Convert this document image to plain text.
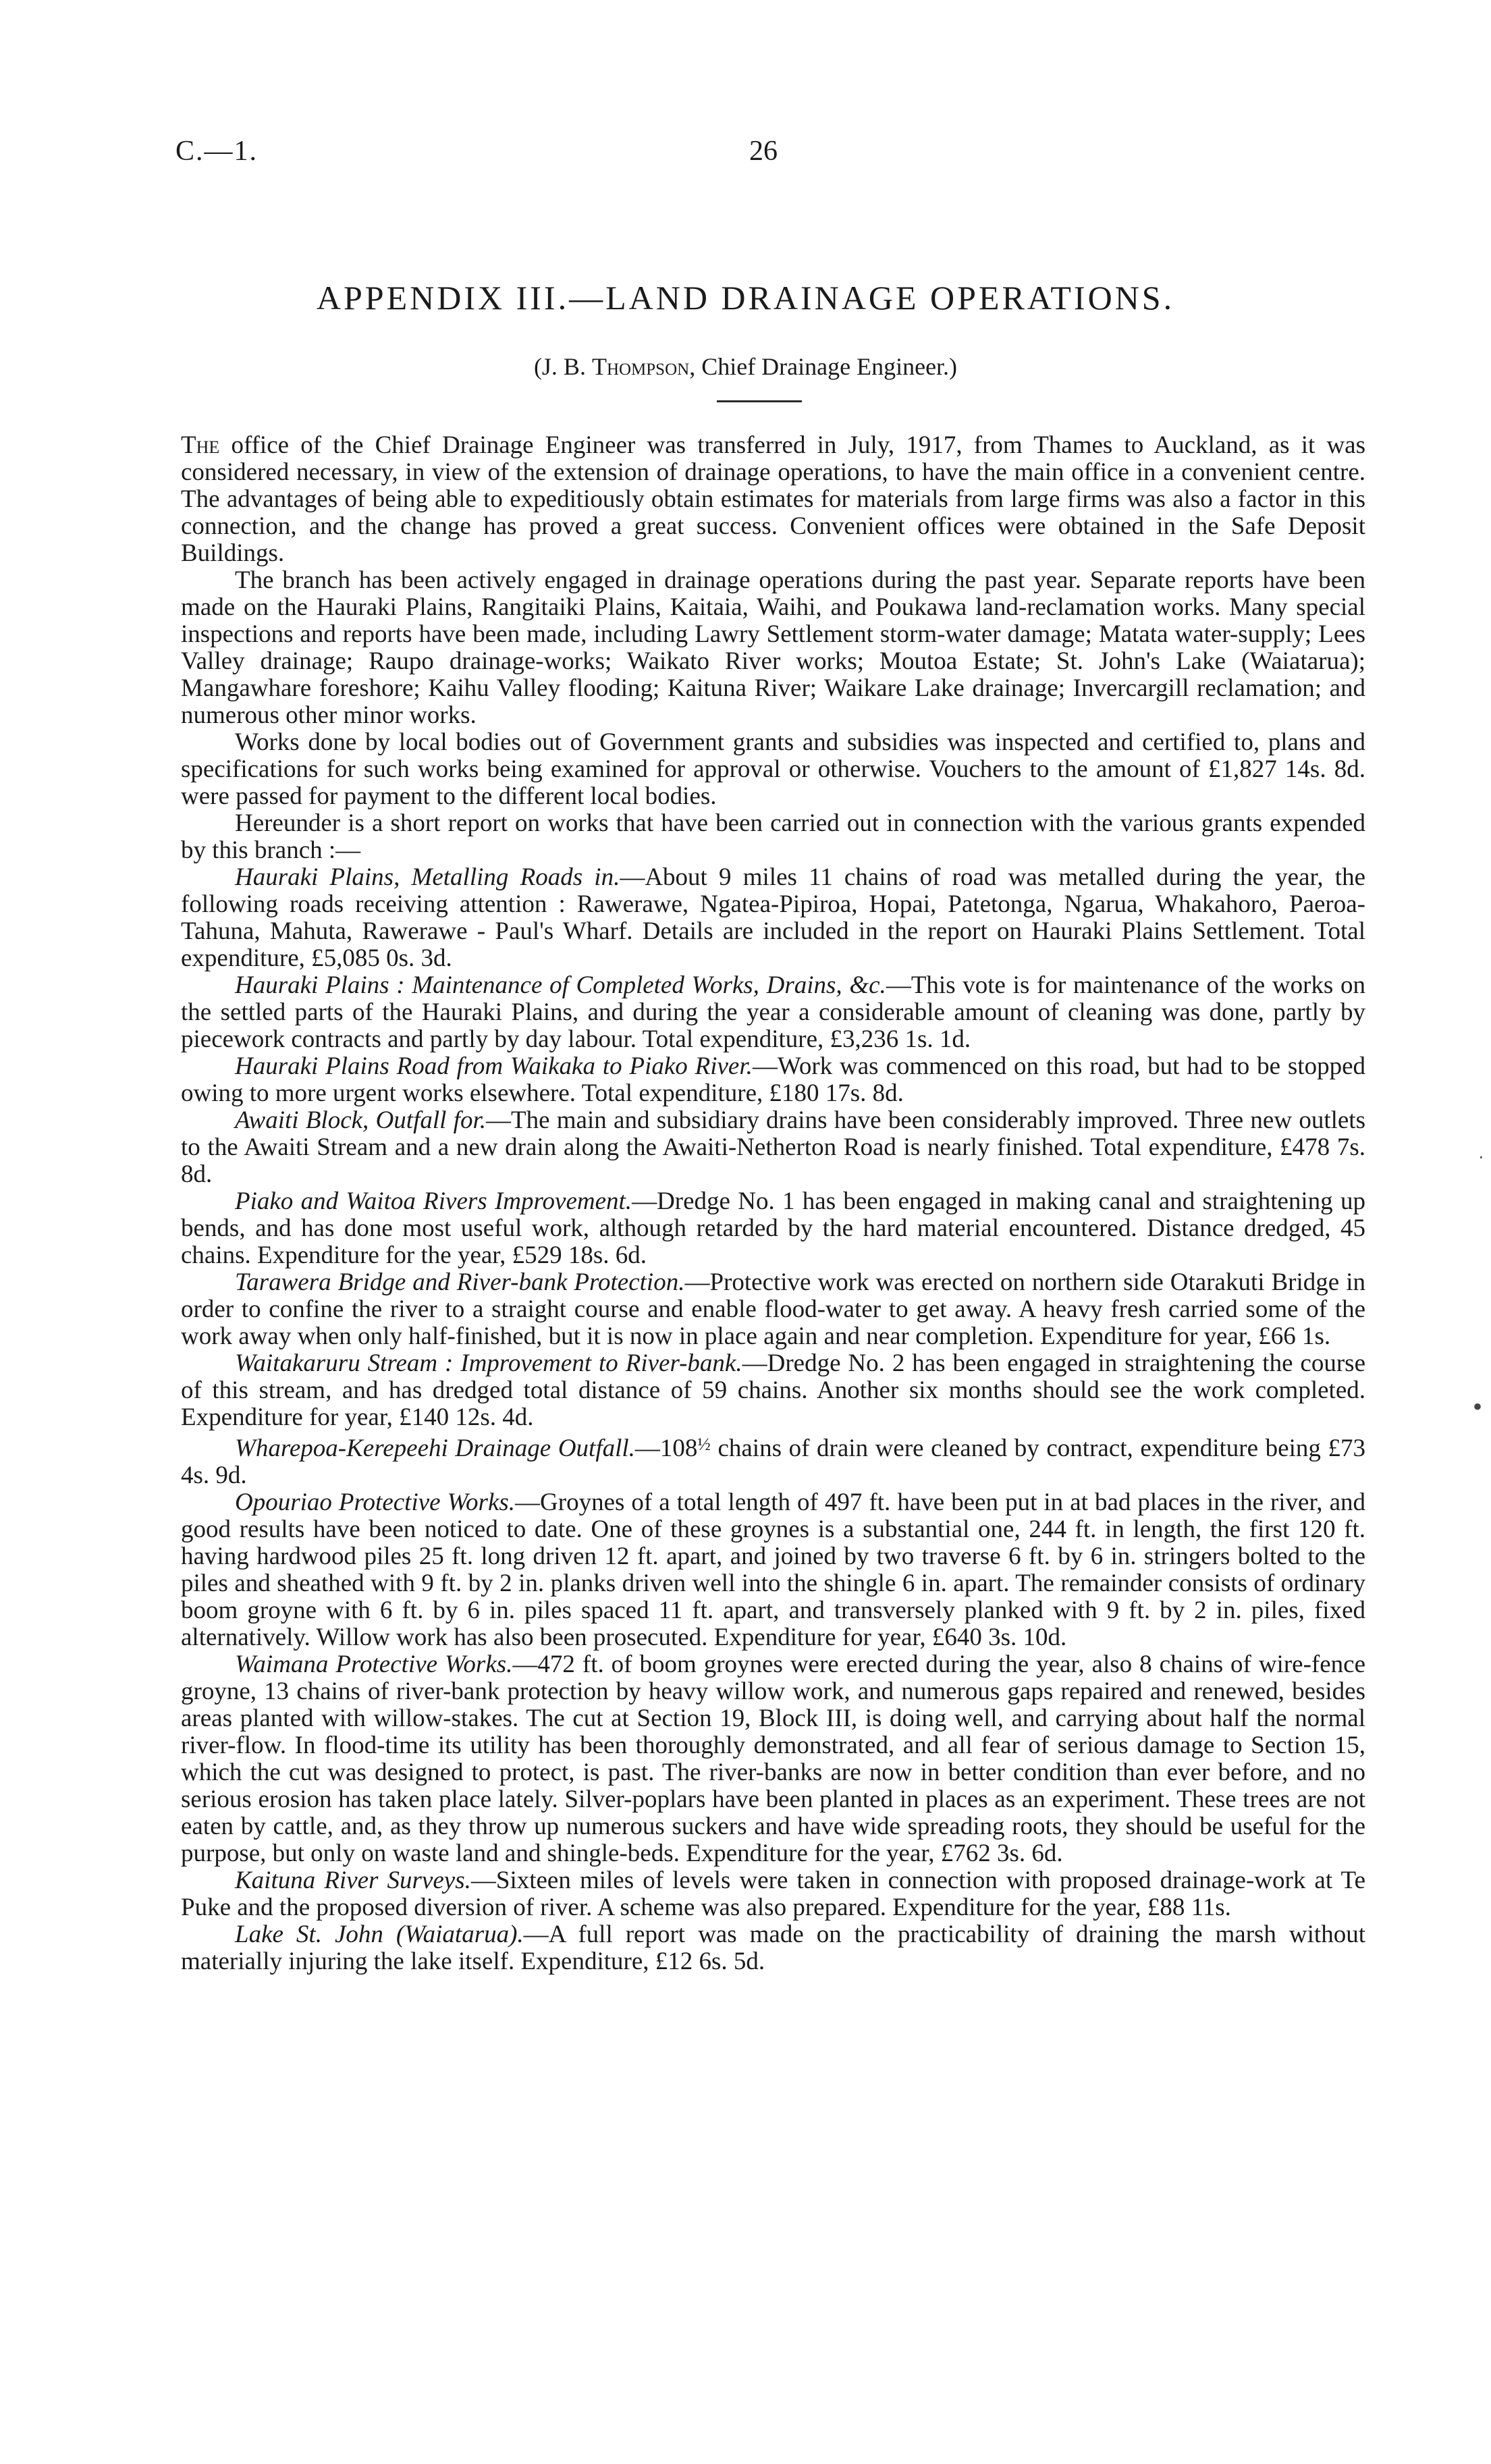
C.—1.	26
APPENDIX III.—LAND DRAINAGE OPERATIONS.
(J. B. Thompson, Chief Drainage Engineer.)

The office of the Chief Drainage Engineer was transferred in July, 1917, from Thames to Auckland, as it was considered necessary, in view of the extension of drainage operations, to have the main office in a convenient centre. The advantages of being able to expeditiously obtain estimates for materials from large firms was also a factor in this connection, and the change has proved a great success. Convenient offices were obtained in the Safe Deposit Buildings.

The branch has been actively engaged in drainage operations during the past year. Separate reports have been made on the Hauraki Plains, Rangitaiki Plains, Kaitaia, Waihi, and Poukawa land-reclamation works. Many special inspections and reports have been made, including Lawry Settlement storm-water damage; Matata water-supply; Lees Valley drainage; Raupo drainage-works; Waikato River works; Moutoa Estate; St. John's Lake (Waiatarua); Mangawhare foreshore; Kaihu Valley flooding; Kaituna River; Waikare Lake drainage; Invercargill reclamation; and numerous other minor works.

Works done by local bodies out of Government grants and subsidies was inspected and certified to, plans and specifications for such works being examined for approval or otherwise. Vouchers to the amount of £1,827 14s. 8d. were passed for payment to the different local bodies.

Hereunder is a short report on works that have been carried out in connection with the various grants expended by this branch :—

Hauraki Plains, Metalling Roads in.—About 9 miles 11 chains of road was metalled during the year, the following roads receiving attention : Rawerawe, Ngatea-Pipiroa, Hopai, Patetonga, Ngarua, Whakahoro, Paeroa-Tahuna, Mahuta, Rawerawe - Paul's Wharf. Details are included in the report on Hauraki Plains Settlement. Total expenditure, £5,085 0s. 3d.

Hauraki Plains : Maintenance of Completed Works, Drains, &c.—This vote is for maintenance of the works on the settled parts of the Hauraki Plains, and during the year a considerable amount of cleaning was done, partly by piecework contracts and partly by day labour. Total expenditure, £3,236 1s. 1d.

Hauraki Plains Road from Waikaka to Piako River.—Work was commenced on this road, but had to be stopped owing to more urgent works elsewhere. Total expenditure, £180 17s. 8d.

Awaiti Block, Outfall for.—The main and subsidiary drains have been considerably improved. Three new outlets to the Awaiti Stream and a new drain along the Awaiti-Netherton Road is nearly finished. Total expenditure, £478 7s. 8d.

Piako and Waitoa Rivers Improvement.—Dredge No. 1 has been engaged in making canal and straightening up bends, and has done most useful work, although retarded by the hard material encountered. Distance dredged, 45 chains. Expenditure for the year, £529 18s. 6d.

Tarawera Bridge and River-bank Protection.—Protective work was erected on northern side Otarakuti Bridge in order to confine the river to a straight course and enable flood-water to get away. A heavy fresh carried some of the work away when only half-finished, but it is now in place again and near completion. Expenditure for year, £66 1s.

Waitakaruru Stream : Improvement to River-bank.—Dredge No. 2 has been engaged in straightening the course of this stream, and has dredged total distance of 59 chains. Another six months should see the work completed. Expenditure for year, £140 12s. 4d.

Wharepoa-Kerepeehi Drainage $Outfall.—108^{\frac{1}{2}}$ chains of drain were cleaned by contract, expenditure being £73 4s. 9d.

Opouriao Protective Works.—Groynes of a total length of 497 ft. have been put in at bad places in the river, and good results have been noticed to date. One of these groynes is a substantial one, 244 ft. in length, the first 120 ft. having hardwood piles 25 ft. long driven 12 ft. apart, and joined by two traverse 6 ft. by 6 in. stringers bolted to the piles and sheathed with 9 ft. by 2 in. planks driven well into the shingle 6 in. apart. The remainder consists of ordinary boom groyne with 6 ft. by 6 in. piles spaced 11 ft. apart, and transversely planked with 9 ft. by 2 in. piles, fixed alternatively. Willow work has also been prosecuted. Expenditure for year, £640 3s. 10d.

Waimana Protective Works.—472 ft. of boom groynes were erected during the year, also 8 chains of wire-fence groyne, 13 chains of river-bank protection by heavy willow work, and numerous gaps repaired and renewed, besides areas planted with willow-stakes. The cut at Section 19, Block III, is doing well, and carrying about half the normal river-flow. In flood-time its utility has been thoroughly demonstrated, and all fear of serious damage to Section 15, which the cut was designed to protect, is past. The river-banks are now in better condition than ever before, and no serious erosion has taken place lately. Silver-poplars have been planted in places as an experiment. These trees are not eaten by cattle, and, as they throw up numerous suckers and have wide spreading roots, they should be useful for the purpose, but only on waste land and shingle-beds. Expenditure for the year, £762 3s. 6d.

Kaituna River Surveys.—Sixteen miles of levels were taken in connection with proposed drainage-work at Te Puke and the proposed diversion of river. A scheme was also prepared. Expenditure for the year, £88 11s.

Lake St. John (Waiatarua).—A full report was made on the practicability of draining the marsh without materially injuring the lake itself. Expenditure, £12 6s. 5d.

·
•
